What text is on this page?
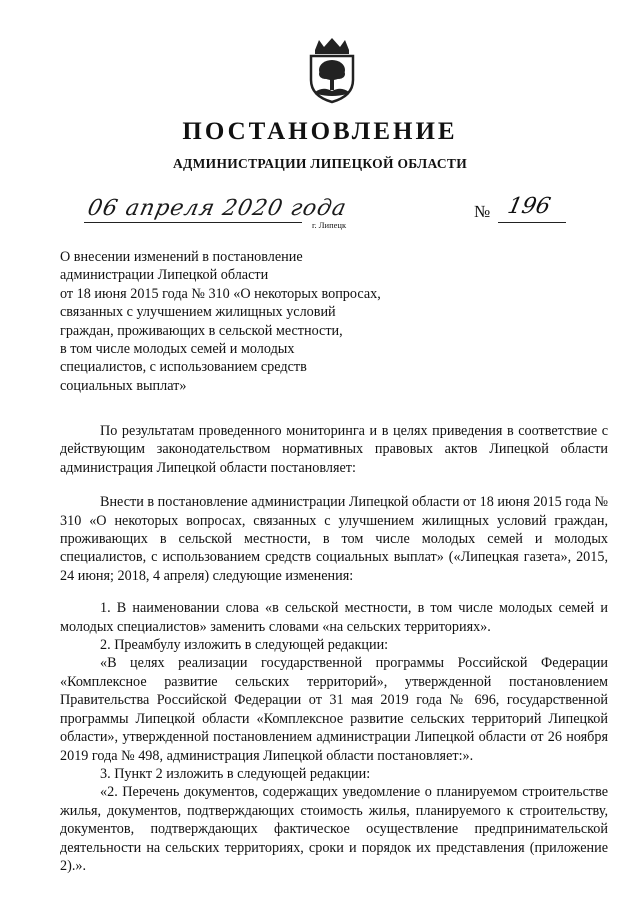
ПОСТАНОВЛЕНИЕ
АДМИНИСТРАЦИИ ЛИПЕЦКОЙ ОБЛАСТИ
06 апреля 2020 года
г. Липецк
№ 196
О внесении изменений в постановление
администрации Липецкой области
от 18 июня 2015 года № 310 «О некоторых вопросах,
связанных с улучшением жилищных условий
граждан, проживающих в сельской местности,
в том числе молодых семей и молодых
специалистов, с использованием средств
социальных выплат»

По результатам проведенного мониторинга и в целях приведения в соответствие с действующим законодательством нормативных правовых актов Липецкой области администрация Липецкой области постановляет:

Внести в постановление администрации Липецкой области от 18 июня 2015 года № 310 «О некоторых вопросах, связанных с улучшением жилищных условий граждан, проживающих в сельской местности, в том числе молодых семей и молодых специалистов, с использованием средств социальных выплат» («Липецкая газета», 2015, 24 июня; 2018, 4 апреля) следующие изменения:

1. В наименовании слова «в сельской местности, в том числе молодых семей и молодых специалистов» заменить словами «на сельских территориях».

2. Преамбулу изложить в следующей редакции:

«В целях реализации государственной программы Российской Федерации «Комплексное развитие сельских территорий», утвержденной постановлением Правительства Российской Федерации от 31 мая 2019 года № 696, государственной программы Липецкой области «Комплексное развитие сельских территорий Липецкой области», утвержденной постановлением администрации Липецкой области от 26 ноября 2019 года № 498, администрация Липецкой области постановляет:».

3. Пункт 2 изложить в следующей редакции:

«2. Перечень документов, содержащих уведомление о планируемом строительстве жилья, документов, подтверждающих стоимость жилья, планируемого к строительству, документов, подтверждающих фактическое осуществление предпринимательской деятельности на сельских территориях, сроки и порядок их представления (приложение 2).».
